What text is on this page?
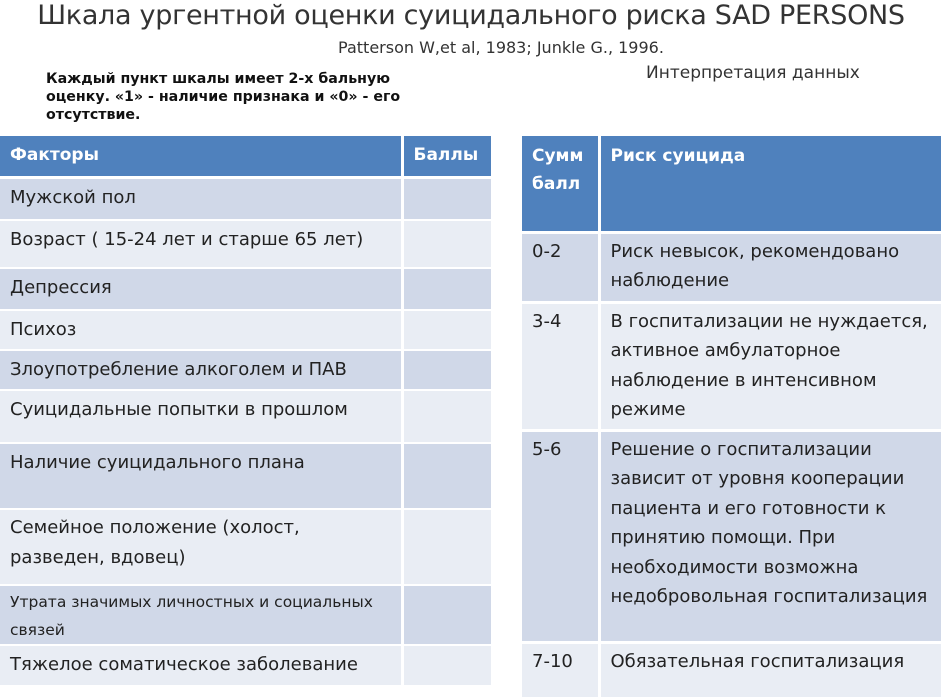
Шкала ургентной оценки суицидального риска SAD PERSONS
Patterson W,et al, 1983; Junkle G., 1996.
Каждый пункт шкалы имеет 2-х бальную оценку. «1» - наличие признака и «0» - его отсутствие.
Интерпретация данных
Факторы	Баллы
Мужской пол	
Возраст ( 15-24 лет и старше 65 лет)	
Депрессия	
Психоз	
Злоупотребление алкоголем и ПАВ	
Суицидальные попытки в прошлом	
Наличие суицидального плана	
Семейное положение (холост, разведен, вдовец)	
Утрата значимых личностных и социальных связей	
Тяжелое соматическое заболевание	
Сумм балл	Риск суицида
0-2	Риск невысок, рекомендовано наблюдение
3-4	В госпитализации не нуждается, активное амбулаторное наблюдение в интенсивном режиме
5-6	Решение о госпитализации зависит от уровня кооперации пациента и его готовности к принятию помощи. При необходимости возможна недобровольная госпитализация
7-10	Обязательная госпитализация
